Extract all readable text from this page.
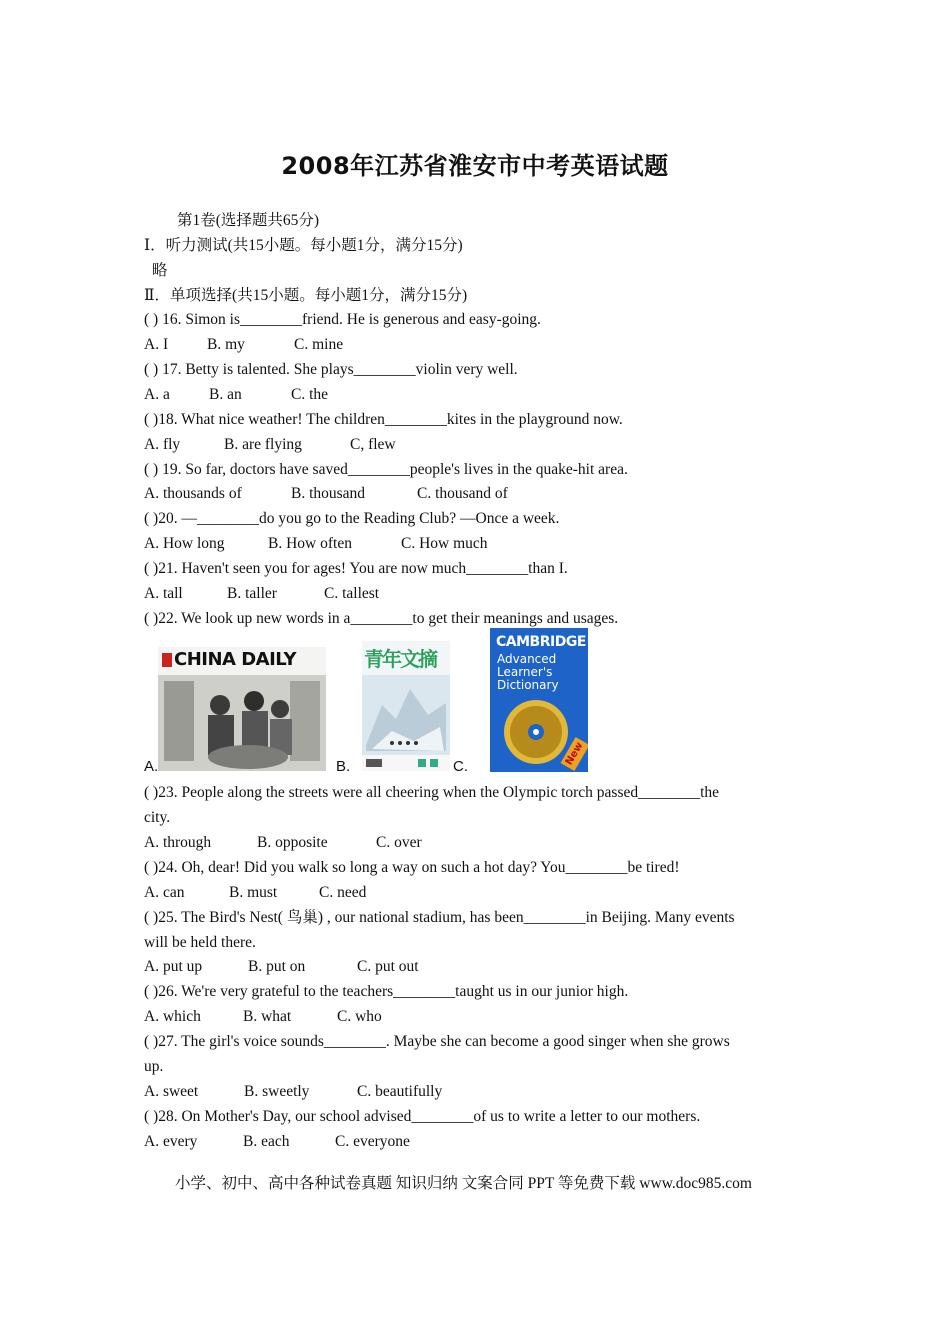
2008年江苏省淮安市中考英语试题
第1卷(选择题共65分)
Ⅰ．听力测试(共15小题。每小题1分，满分15分)
略
Ⅱ．单项选择(共15小题。每小题1分，满分15分)
( ) 16. Simon is________friend. He is generous and easy-going.
A. I	B. my	C. mine
( ) 17. Betty is talented. She plays________violin very well.
A. a	B. an	C. the
( )18. What nice weather! The children________kites in the playground now.
A. fly	B. are flying	C, flew
( ) 19. So far, doctors have saved________people's lives in the quake-hit area.
A. thousands of	B. thousand	C. thousand of
( )20. —________do you go to the Reading Club? —Once a week.
A. How long	B. How often	C. How much
( )21. Haven't seen you for ages! You are now much________than I.
A. tall	B. taller	C. tallest
( )22. We look up new words in a________to get their meanings and usages.
CHINA DAILY
A.
青年文摘
B.
CAMBRIDGE
Advanced
Learner's
Dictionary
New
C.
( )23. People along the streets were all cheering when the Olympic torch passed________the
city.
A. through	B. opposite	C. over
( )24. Oh, dear! Did you walk so long a way on such a hot day? You________be tired!
A. can	B. must	C. need
( )25. The Bird's Nest( 鸟巢) , our national stadium, has been________in Beijing. Many events
will be held there.
A. put up	B. put on	C. put out
( )26. We're very grateful to the teachers________taught us in our junior high.
A. which	B. what	C. who
( )27. The girl's voice sounds________. Maybe she can become a good singer when she grows
up.
A. sweet	B. sweetly	C. beautifully
( )28. On Mother's Day, our school advised________of us to write a letter to our mothers.
A. every	B. each	C. everyone
小学、初中、高中各种试卷真题 知识归纳 文案合同 PPT 等免费下载 www.doc985.com
